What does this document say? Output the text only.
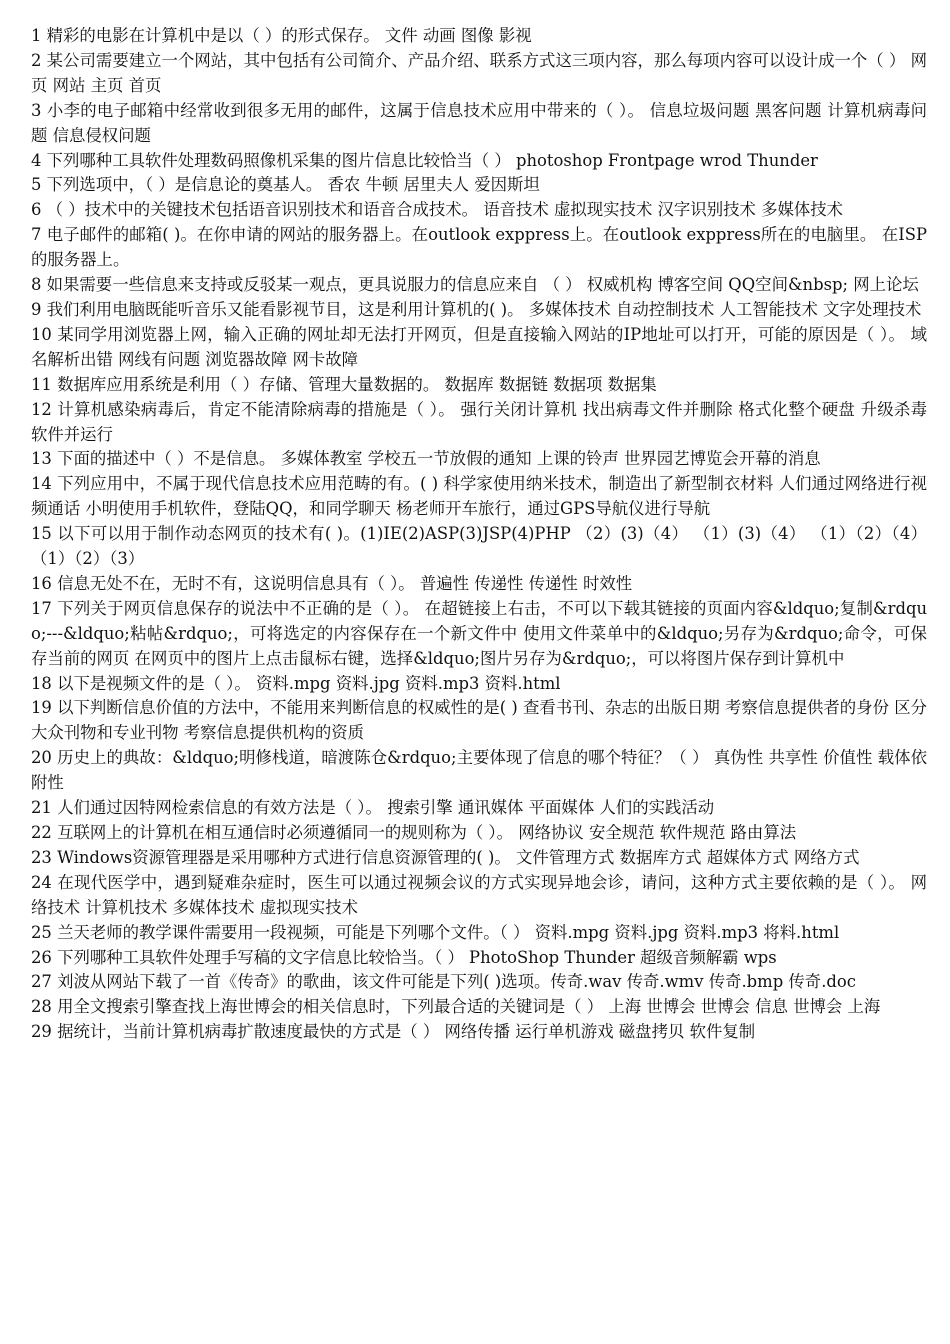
1 精彩的电影在计算机中是以（ ）的形式保存。 文件 动画 图像 影视

2 某公司需要建立一个网站，其中包括有公司简介、产品介绍、联系方式这三项内容，那么每项内容可以设计成一个（ ） 网页 网站 主页 首页

3 小李的电子邮箱中经常收到很多无用的邮件，这属于信息技术应用中带来的（ ）。 信息垃圾问题 黑客问题 计算机病毒问题 信息侵权问题

4 下列哪种工具软件处理数码照像机采集的图片信息比较恰当（ ） photoshop Frontpage wrod Thunder

5 下列选项中，（ ）是信息论的奠基人。 香农 牛顿 居里夫人 爱因斯坦

6 （ ）技术中的关键技术包括语音识别技术和语音合成技术。 语音技术 虚拟现实技术 汉字识别技术 多媒体技术

7 电子邮件的邮箱( )。在你申请的网站的服务器上。在outlook exppress上。在outlook exppress所在的电脑里。 在ISP的服务器上。

8 如果需要一些信息来支持或反驳某一观点，更具说服力的信息应来自 （ ） 权威机构 博客空间 QQ空间&nbsp; 网上论坛

9 我们利用电脑既能听音乐又能看影视节目，这是利用计算机的( )。 多媒体技术 自动控制技术 人工智能技术 文字处理技术

10 某同学用浏览器上网，输入正确的网址却无法打开网页，但是直接输入网站的IP地址可以打开，可能的原因是（ ）。 域名解析出错 网线有问题 浏览器故障 网卡故障

11 数据库应用系统是利用（ ）存储、管理大量数据的。 数据库 数据链 数据项 数据集

12 计算机感染病毒后，肯定不能清除病毒的措施是（ ）。 强行关闭计算机 找出病毒文件并删除 格式化整个硬盘 升级杀毒软件并运行

13 下面的描述中（ ）不是信息。 多媒体教室 学校五一节放假的通知 上课的铃声 世界园艺博览会开幕的消息

14 下列应用中，不属于现代信息技术应用范畴的有。( ) 科学家使用纳米技术，制造出了新型制衣材料 人们通过网络进行视频通话 小明使用手机软件，登陆QQ，和同学聊天 杨老师开车旅行，通过GPS导航仪进行导航

15 以下可以用于制作动态网页的技术有( )。(1)IE(2)ASP(3)JSP(4)PHP （2）(3)（4） （1）(3)（4） （1）（2）（4） （1）（2）（3）

16 信息无处不在，无时不有，这说明信息具有（ ）。 普遍性 传递性 传递性 时效性

17 下列关于网页信息保存的说法中不正确的是（ ）。 在超链接上右击，不可以下载其链接的页面内容&ldquo;复制&rdquo;---&ldquo;粘帖&rdquo;，可将选定的内容保存在一个新文件中 使用文件菜单中的&ldquo;另存为&rdquo;命令，可保存当前的网页 在网页中的图片上点击鼠标右键，选择&ldquo;图片另存为&rdquo;，可以将图片保存到计算机中

18 以下是视频文件的是（ ）。 资料.mpg 资料.jpg 资料.mp3 资料.html

19 以下判断信息价值的方法中，不能用来判断信息的权威性的是( ) 查看书刊、杂志的出版日期 考察信息提供者的身份 区分大众刊物和专业刊物 考察信息提供机构的资质

20 历史上的典故：&ldquo;明修栈道，暗渡陈仓&rdquo;主要体现了信息的哪个特征？（ ） 真伪性 共享性 价值性 载体依附性

21 人们通过因特网检索信息的有效方法是（ ）。 搜索引擎 通讯媒体 平面媒体 人们的实践活动

22 互联网上的计算机在相互通信时必须遵循同一的规则称为（ ）。 网络协议 安全规范 软件规范 路由算法

23 Windows资源管理器是采用哪种方式进行信息资源管理的( )。 文件管理方式 数据库方式 超媒体方式 网络方式

24 在现代医学中，遇到疑难杂症时，医生可以通过视频会议的方式实现异地会诊，请问，这种方式主要依赖的是（ ）。 网络技术 计算机技术 多媒体技术 虚拟现实技术

25 兰天老师的教学课件需要用一段视频，可能是下列哪个文件。（ ） 资料.mpg 资料.jpg 资料.mp3 将料.html

26 下列哪种工具软件处理手写稿的文字信息比较恰当。（ ） PhotoShop Thunder 超级音频解霸 wps

27 刘波从网站下载了一首《传奇》的歌曲，该文件可能是下列( )选项。传奇.wav 传奇.wmv 传奇.bmp 传奇.doc

28 用全文搜索引擎查找上海世博会的相关信息时，下列最合适的关键词是（ ） 上海 世博会 世博会 信息 世博会 上海

29 据统计，当前计算机病毒扩散速度最快的方式是（ ） 网络传播 运行单机游戏 磁盘拷贝 软件复制
